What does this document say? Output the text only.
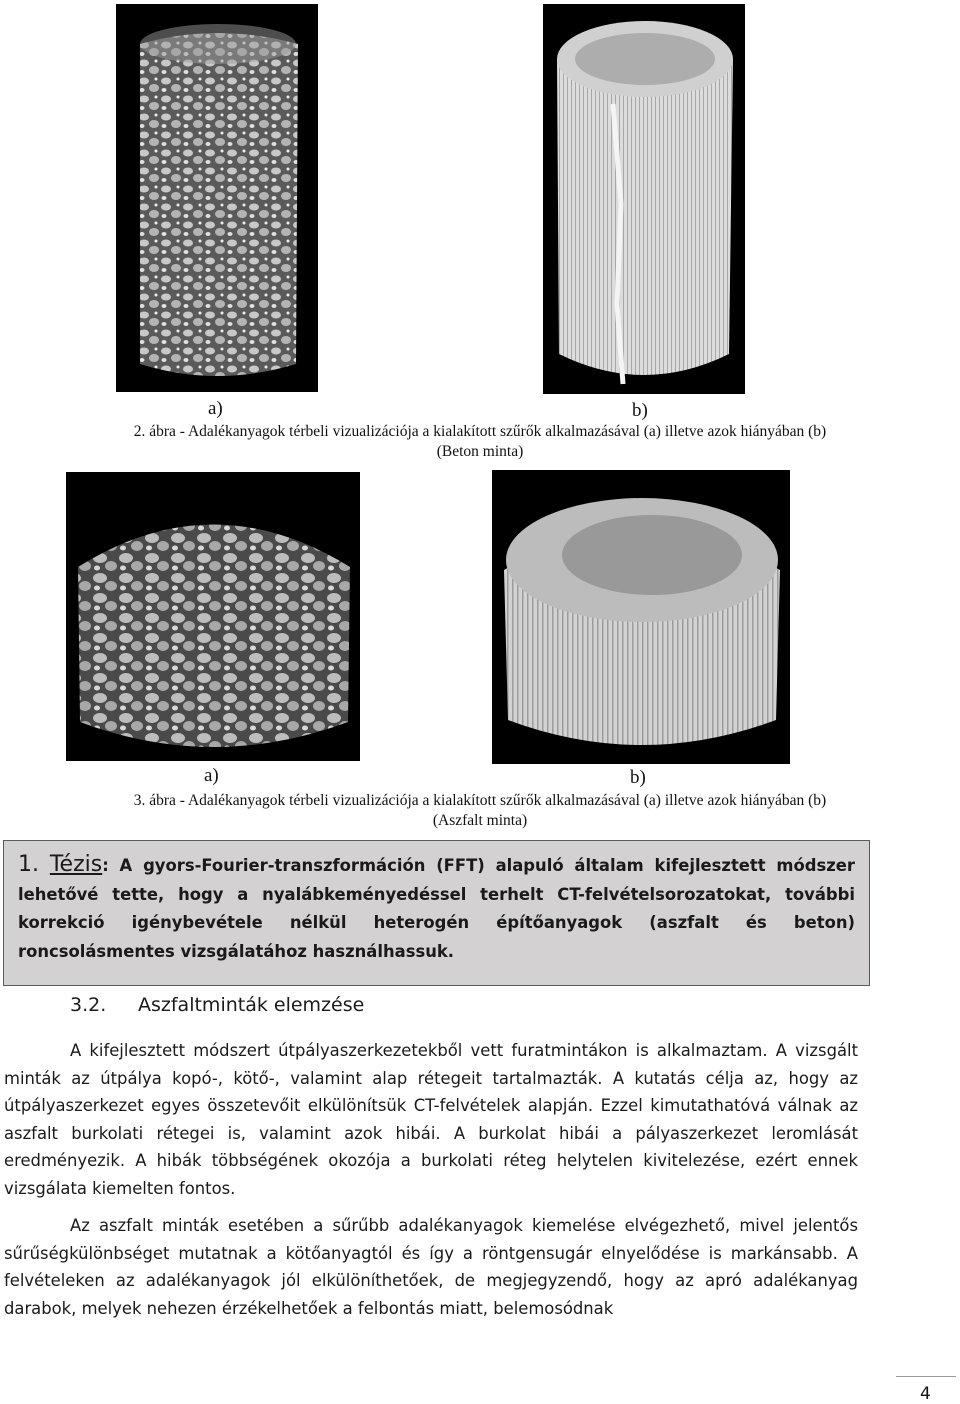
a)	b)
2. ábra - Adalékanyagok térbeli vizualizációja a kialakított szűrők alkalmazásával (a) illetve azok hiányában (b)
(Beton minta)
a)	b)
3. ábra - Adalékanyagok térbeli vizualizációja a kialakított szűrők alkalmazásával (a) illetve azok hiányában (b)
(Aszfalt minta)

1. Tézis: A gyors-Fourier-transzformáción (FFT) alapuló általam kifejlesztett módszer lehetővé tette, hogy a nyalábkeményedéssel terhelt CT-felvételsorozatokat, további korrekció igénybevétele nélkül heterogén építőanyagok (aszfalt és beton) roncsolásmentes vizsgálatához használhassuk.

3.2. Aszfaltminták elemzése

A kifejlesztett módszert útpályaszerkezetekből vett furatmintákon is alkalmaztam. A vizsgált minták az útpálya kopó-, kötő-, valamint alap rétegeit tartalmazták. A kutatás célja az, hogy az útpályaszerkezet egyes összetevőit elkülönítsük CT-felvételek alapján. Ezzel kimutathatóvá válnak az aszfalt burkolati rétegei is, valamint azok hibái. A burkolat hibái a pályaszerkezet leromlását eredményezik. A hibák többségének okozója a burkolati réteg helytelen kivitelezése, ezért ennek vizsgálata kiemelten fontos.

Az aszfalt minták esetében a sűrűbb adalékanyagok kiemelése elvégezhető, mivel jelentős sűrűségkülönbséget mutatnak a kötőanyagtól és így a röntgensugár elnyelődése is markánsabb. A felvételeken az adalékanyagok jól elkülöníthetőek, de megjegyzendő, hogy az apró adalékanyag darabok, melyek nehezen érzékelhetőek a felbontás miatt, belemosódnak

4
